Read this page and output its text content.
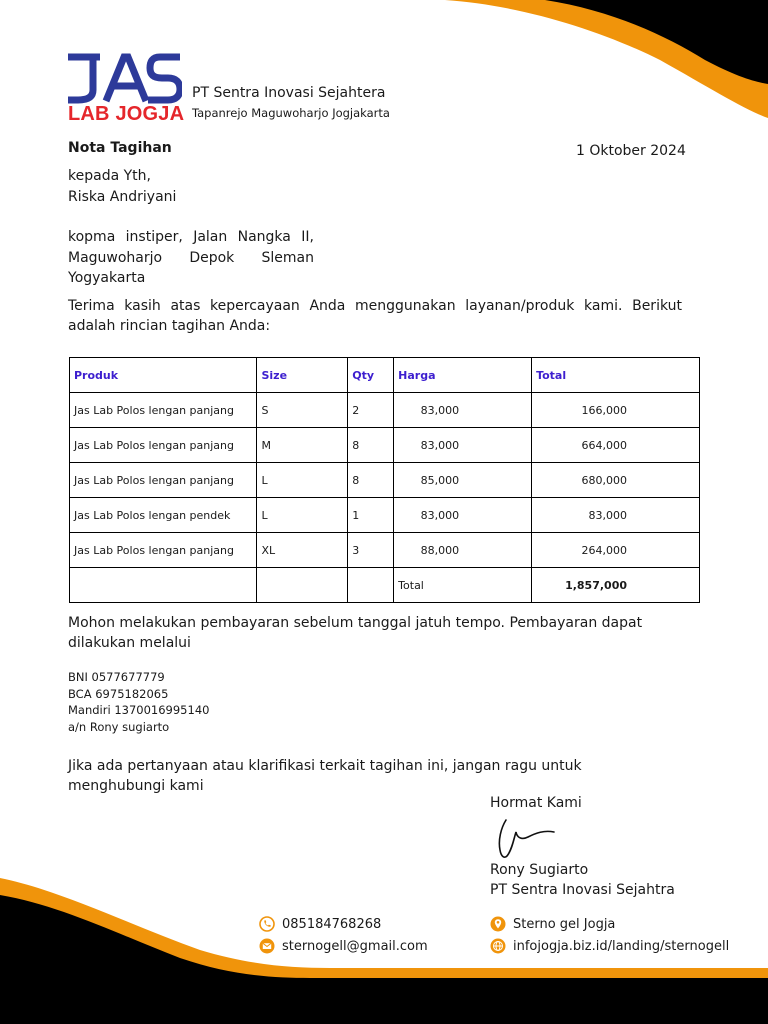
LAB JOGJA
PT Sentra Inovasi Sejahtera
Tapanrejo Maguwoharjo Jogjakarta
Nota Tagihan	1 Oktober 2024
kepada Yth,
Riska Andriyani
kopma instiper, Jalan Nangka II,
Maguwoharjo Depok Sleman
Yogyakarta
Terima kasih atas kepercayaan Anda menggunakan layanan/produk kami. Berikut adalah rincian tagihan Anda:
Produk	Size	Qty	Harga	Total
Jas Lab Polos lengan panjang	S	2	83,000	166,000
Jas Lab Polos lengan panjang	M	8	83,000	664,000
Jas Lab Polos lengan panjang	L	8	85,000	680,000
Jas Lab Polos lengan pendek	L	1	83,000	83,000
Jas Lab Polos lengan panjang	XL	3	88,000	264,000
			Total	1,857,000
Mohon melakukan pembayaran sebelum tanggal jatuh tempo. Pembayaran dapat dilakukan melalui
BNI 0577677779
BCA 6975182065
Mandiri 1370016995140
a/n Rony sugiarto
Jika ada pertanyaan atau klarifikasi terkait tagihan ini, jangan ragu untuk menghubungi kami
Hormat Kami
Rony Sugiarto
PT Sentra Inovasi Sejahtra
085184768268
sternogell@gmail.com
Sterno gel Jogja
infojogja.biz.id/landing/sternogell
